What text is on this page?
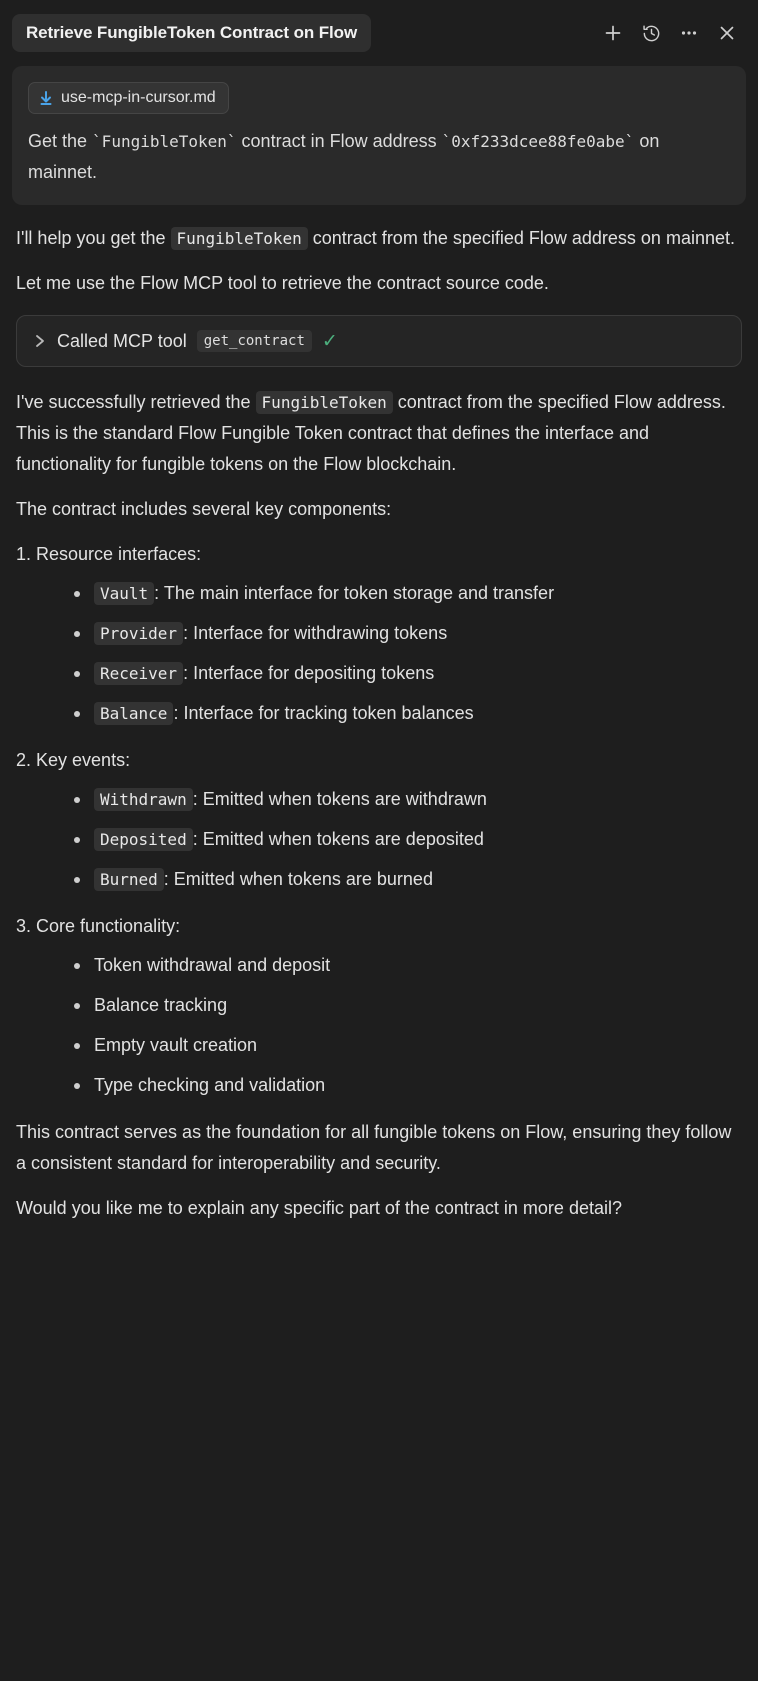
Retrieve FungibleToken Contract on Flow
use-mcp-in-cursor.md
Get the `FungibleToken` contract in Flow address `0xf233dcee88fe0abe` on mainnet.
I'll help you get the FungibleToken contract from the specified Flow address on mainnet.
Let me use the Flow MCP tool to retrieve the contract source code.
Called MCP tool	get_contract ✓
I've successfully retrieved the FungibleToken contract from the specified Flow address. This is the standard Flow Fungible Token contract that defines the interface and functionality for fungible tokens on the Flow blockchain.
The contract includes several key components:
1. Resource interfaces:
Vault : The main interface for token storage and transfer
Provider : Interface for withdrawing tokens
Receiver : Interface for depositing tokens
Balance : Interface for tracking token balances
2. Key events:
Withdrawn : Emitted when tokens are withdrawn
Deposited : Emitted when tokens are deposited
Burned : Emitted when tokens are burned
3. Core functionality:
Token withdrawal and deposit
Balance tracking
Empty vault creation
Type checking and validation
This contract serves as the foundation for all fungible tokens on Flow, ensuring they follow a consistent standard for interoperability and security.
Would you like me to explain any specific part of the contract in more detail?
